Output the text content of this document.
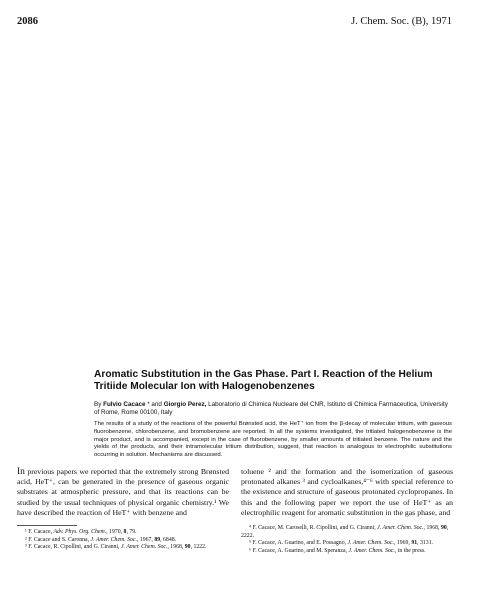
2086	J. Chem. Soc. (B), 1971
Aromatic Substitution in the Gas Phase. Part I. Reaction of the Helium Tritiide Molecular Ion with Halogenobenzenes
By Fulvio Cacace * and Giorgio Perez, Laboratorio di Chimica Nucleare del CNR, Istituto di Chimica Farmaceutica, University of Rome, Rome 00100, Italy
The results of a study of the reactions of the powerful Brønsted acid, the HeT⁺ ion from the β-decay of molecular tritium, with gaseous fluorobenzene, chlorobenzene, and bromobenzene are reported. In all the systems investigated, the tritiated halogenobenzene is the major product, and is accompanied, except in the case of fluorobenzene, by smaller amounts of tritiated benzene. The nature and the yields of the products, and their intramolecular tritium distribution, suggest, that reaction is analogous to electrophilic substitutions occurring in solution. Mechanisms are discussed.

In previous papers we reported that the extremely strong Brønsted acid, HeT⁺, can be generated in the presence of gaseous organic substrates at atmospheric pressure, and that its reactions can be studied by the usual techniques of physical organic chemistry.¹ We have described the reaction of HeT⁺ with benzene and

¹ F. Cacace, Adv. Phys. Org. Chem., 1970, 8, 79.

² F. Cacace and S. Caronna, J. Amer. Chem. Soc., 1967, 89, 6848.

³ F. Cacace, R. Cipollini, and G. Ciranni, J. Amer. Chem. Soc., 1968, 90, 1222.

toluene ² and the formation and the isomerization of gaseous protonated alkanes ³ and cycloalkanes,⁴⁻⁶ with special reference to the existence and structure of gaseous protonated cyclopropanes. In this and the following paper we report the use of HeT⁺ as an electrophilic reagent for aromatic substitution in the gas phase, and

⁴ F. Cacace, M. Caroselli, R. Cipollini, and G. Ciranni, J. Amer. Chem. Soc., 1968, 90, 2222.

⁵ F. Cacace, A. Guarino, and E. Possagno, J. Amer. Chem. Soc., 1969, 91, 3131.

⁶ F. Cacace, A. Guarino, and M. Speranza, J. Amer. Chem. Soc., in the press.
